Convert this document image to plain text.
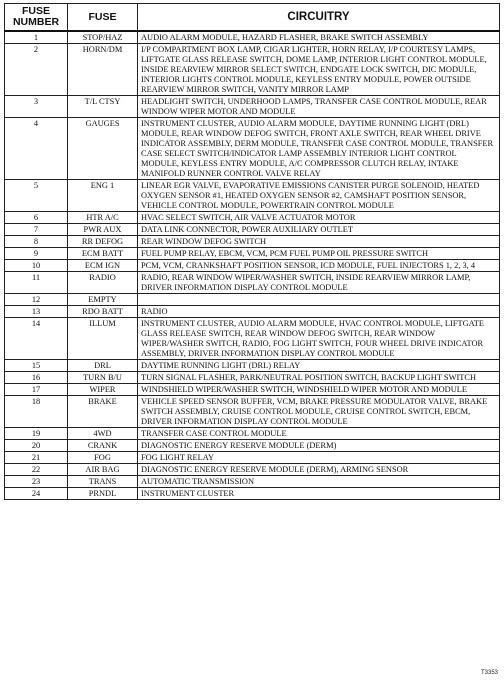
FUSE NUMBER	FUSE	CIRCUITRY
1	STOP/HAZ	AUDIO ALARM MODULE, HAZARD FLASHER, BRAKE SWITCH ASSEMBLY
2	HORN/DM	I/P COMPARTMENT BOX LAMP, CIGAR LIGHTER, HORN RELAY, I/P COURTESY LAMPS, LIFTGATE GLASS RELEASE SWITCH, DOME LAMP, INTERIOR LIGHT CONTROL MODULE, INSIDE REARVIEW MIRROR SELECT SWITCH, ENDGATE LOCK SWITCH, DIC MODULE, INTERIOR LIGHTS CONTROL MODULE, KEYLESS ENTRY MODULE, POWER OUTSIDE REARVIEW MIRROR SWITCH, VANITY MIRROR LAMP
3	T/L CTSY	HEADLIGHT SWITCH, UNDERHOOD LAMPS, TRANSFER CASE CONTROL MODULE, REAR WINDOW WIPER MOTOR AND MODULE
4	GAUGES	INSTRUMENT CLUSTER, AUDIO ALARM MODULE, DAYTIME RUNNING LIGHT (DRL) MODULE, REAR WINDOW DEFOG SWITCH, FRONT AXLE SWITCH, REAR WHEEL DRIVE INDICATOR ASSEMBLY, DERM MODULE, TRANSFER CASE CONTROL MODULE, TRANSFER CASE SELECT SWITCH/INDICATOR LAMP ASSEMBLY INTERIOR LIGHT CONTROL MODULE, KEYLESS ENTRY MODULE, A/C COMPRESSOR CLUTCH RELAY, INTAKE MANIFOLD RUNNER CONTROL VALVE RELAY
5	ENG 1	LINEAR EGR VALVE, EVAPORATIVE EMISSIONS CANISTER PURGE SOLENOID, HEATED OXYGEN SENSOR #1, HEATED OXYGEN SENSOR #2, CAMSHAFT POSITION SENSOR, VEHICLE CONTROL MODULE, POWERTRAIN CONTROL MODULE
6	HTR A/C	HVAC SELECT SWITCH, AIR VALVE ACTUATOR MOTOR
7	PWR AUX	DATA LINK CONNECTOR, POWER AUXILIARY OUTLET
8	RR DEFOG	REAR WINDOW DEFOG SWITCH
9	ECM BATT	FUEL PUMP RELAY, EBCM, VCM, PCM FUEL PUMP OIL PRESSURE SWITCH
10	ECM IGN	PCM, VCM, CRANKSHAFT POSITION SENSOR, ICD MODULE, FUEL INJECTORS 1, 2, 3, 4
11	RADIO	RADIO, REAR WINDOW WIPER/WASHER SWITCH, INSIDE REARVIEW MIRROR LAMP, DRIVER INFORMATION DISPLAY CONTROL MODULE
12	EMPTY	
13	RDO BATT	RADIO
14	ILLUM	INSTRUMENT CLUSTER, AUDIO ALARM MODULE, HVAC CONTROL MODULE, LIFTGATE GLASS RELEASE SWITCH, REAR WINDOW DEFOG SWITCH, REAR WINDOW WIPER/WASHER SWITCH, RADIO, FOG LIGHT SWITCH, FOUR WHEEL DRIVE INDICATOR ASSEMBLY, DRIVER INFORMATION DISPLAY CONTROL MODULE
15	DRL	DAYTIME RUNNING LIGHT (DRL) RELAY
16	TURN B/U	TURN SIGNAL FLASHER, PARK/NEUTRAL POSITION SWITCH, BACKUP LIGHT SWITCH
17	WIPER	WINDSHIELD WIPER/WASHER SWITCH, WINDSHIELD WIPER MOTOR AND MODULE
18	BRAKE	VEHICLE SPEED SENSOR BUFFER, VCM, BRAKE PRESSURE MODULATOR VALVE, BRAKE SWITCH ASSEMBLY, CRUISE CONTROL MODULE, CRUISE CONTROL SWITCH, EBCM, DRIVER INFORMATION DISPLAY CONTROL MODULE
19	4WD	TRANSFER CASE CONTROL MODULE
20	CRANK	DIAGNOSTIC ENERGY RESERVE MODULE (DERM)
21	FOG	FOG LIGHT RELAY
22	AIR BAG	DIAGNOSTIC ENERGY RESERVE MODULE (DERM), ARMING SENSOR
23	TRANS	AUTOMATIC TRANSMISSION
24	PRNDL	INSTRUMENT CLUSTER
T3353
